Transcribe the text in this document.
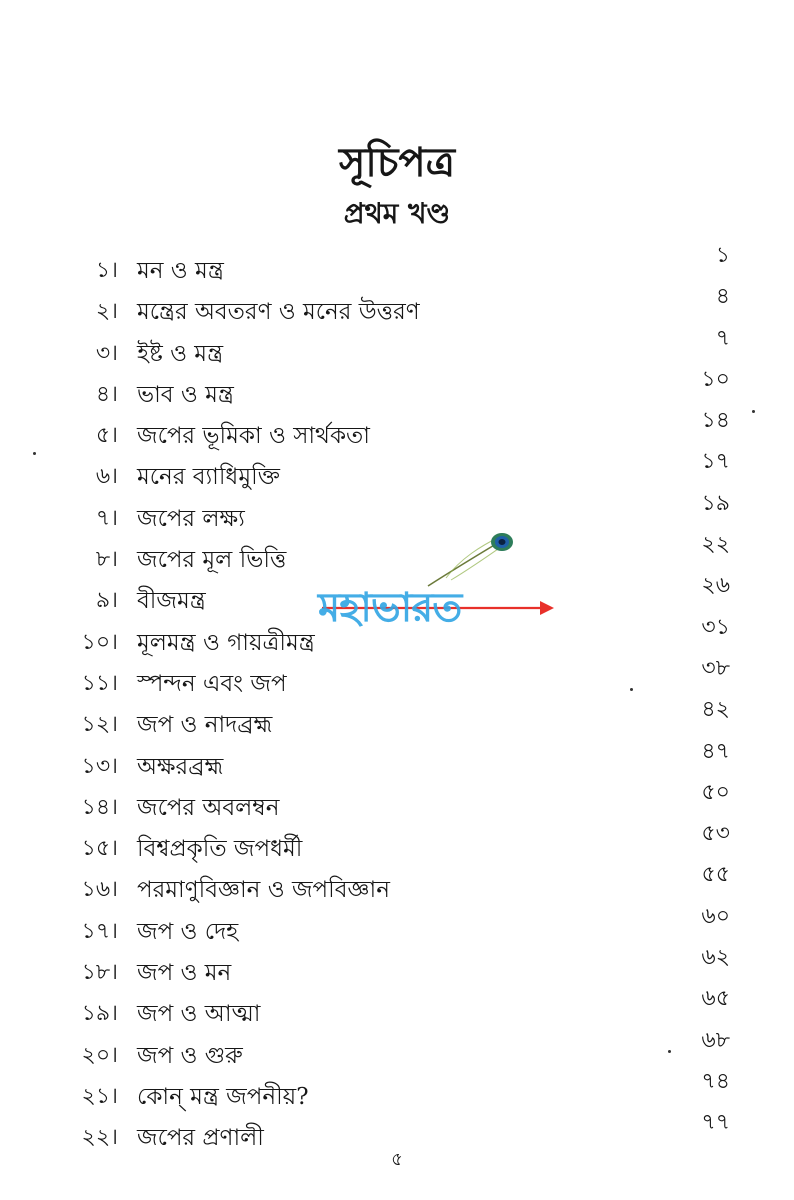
সূচিপত্র
প্রথম খণ্ড
১। মন ও মন্ত্র
১
২। মন্ত্রের অবতরণ ও মনের উত্তরণ
৪
৩। ইষ্ট ও মন্ত্র
৭
৪। ভাব ও মন্ত্র
১০
৫। জপের ভূমিকা ও সার্থকতা
১৪
৬। মনের ব্যাধিমুক্তি
১৭
৭। জপের লক্ষ্য
১৯
৮। জপের মূল ভিত্তি
২২
৯। বীজমন্ত্র
২৬
১০। মূলমন্ত্র ও গায়ত্রীমন্ত্র
৩১
১১। স্পন্দন এবং জপ
৩৮
১২। জপ ও নাদব্রহ্ম
৪২
১৩। অক্ষরব্রহ্ম
৪৭
১৪। জপের অবলম্বন
৫০
১৫। বিশ্বপ্রকৃতি জপধর্মী
৫৩
১৬। পরমাণুবিজ্ঞান ও জপবিজ্ঞান
৫৫
১৭। জপ ও দেহ
৬০
১৮। জপ ও মন
৬২
১৯। জপ ও আত্মা
৬৫
২০। জপ ও গুরু
৬৮
২১। কোন্ মন্ত্র জপনীয়?
৭৪
২২। জপের প্রণালী
৭৭
৫
মহাভারত
